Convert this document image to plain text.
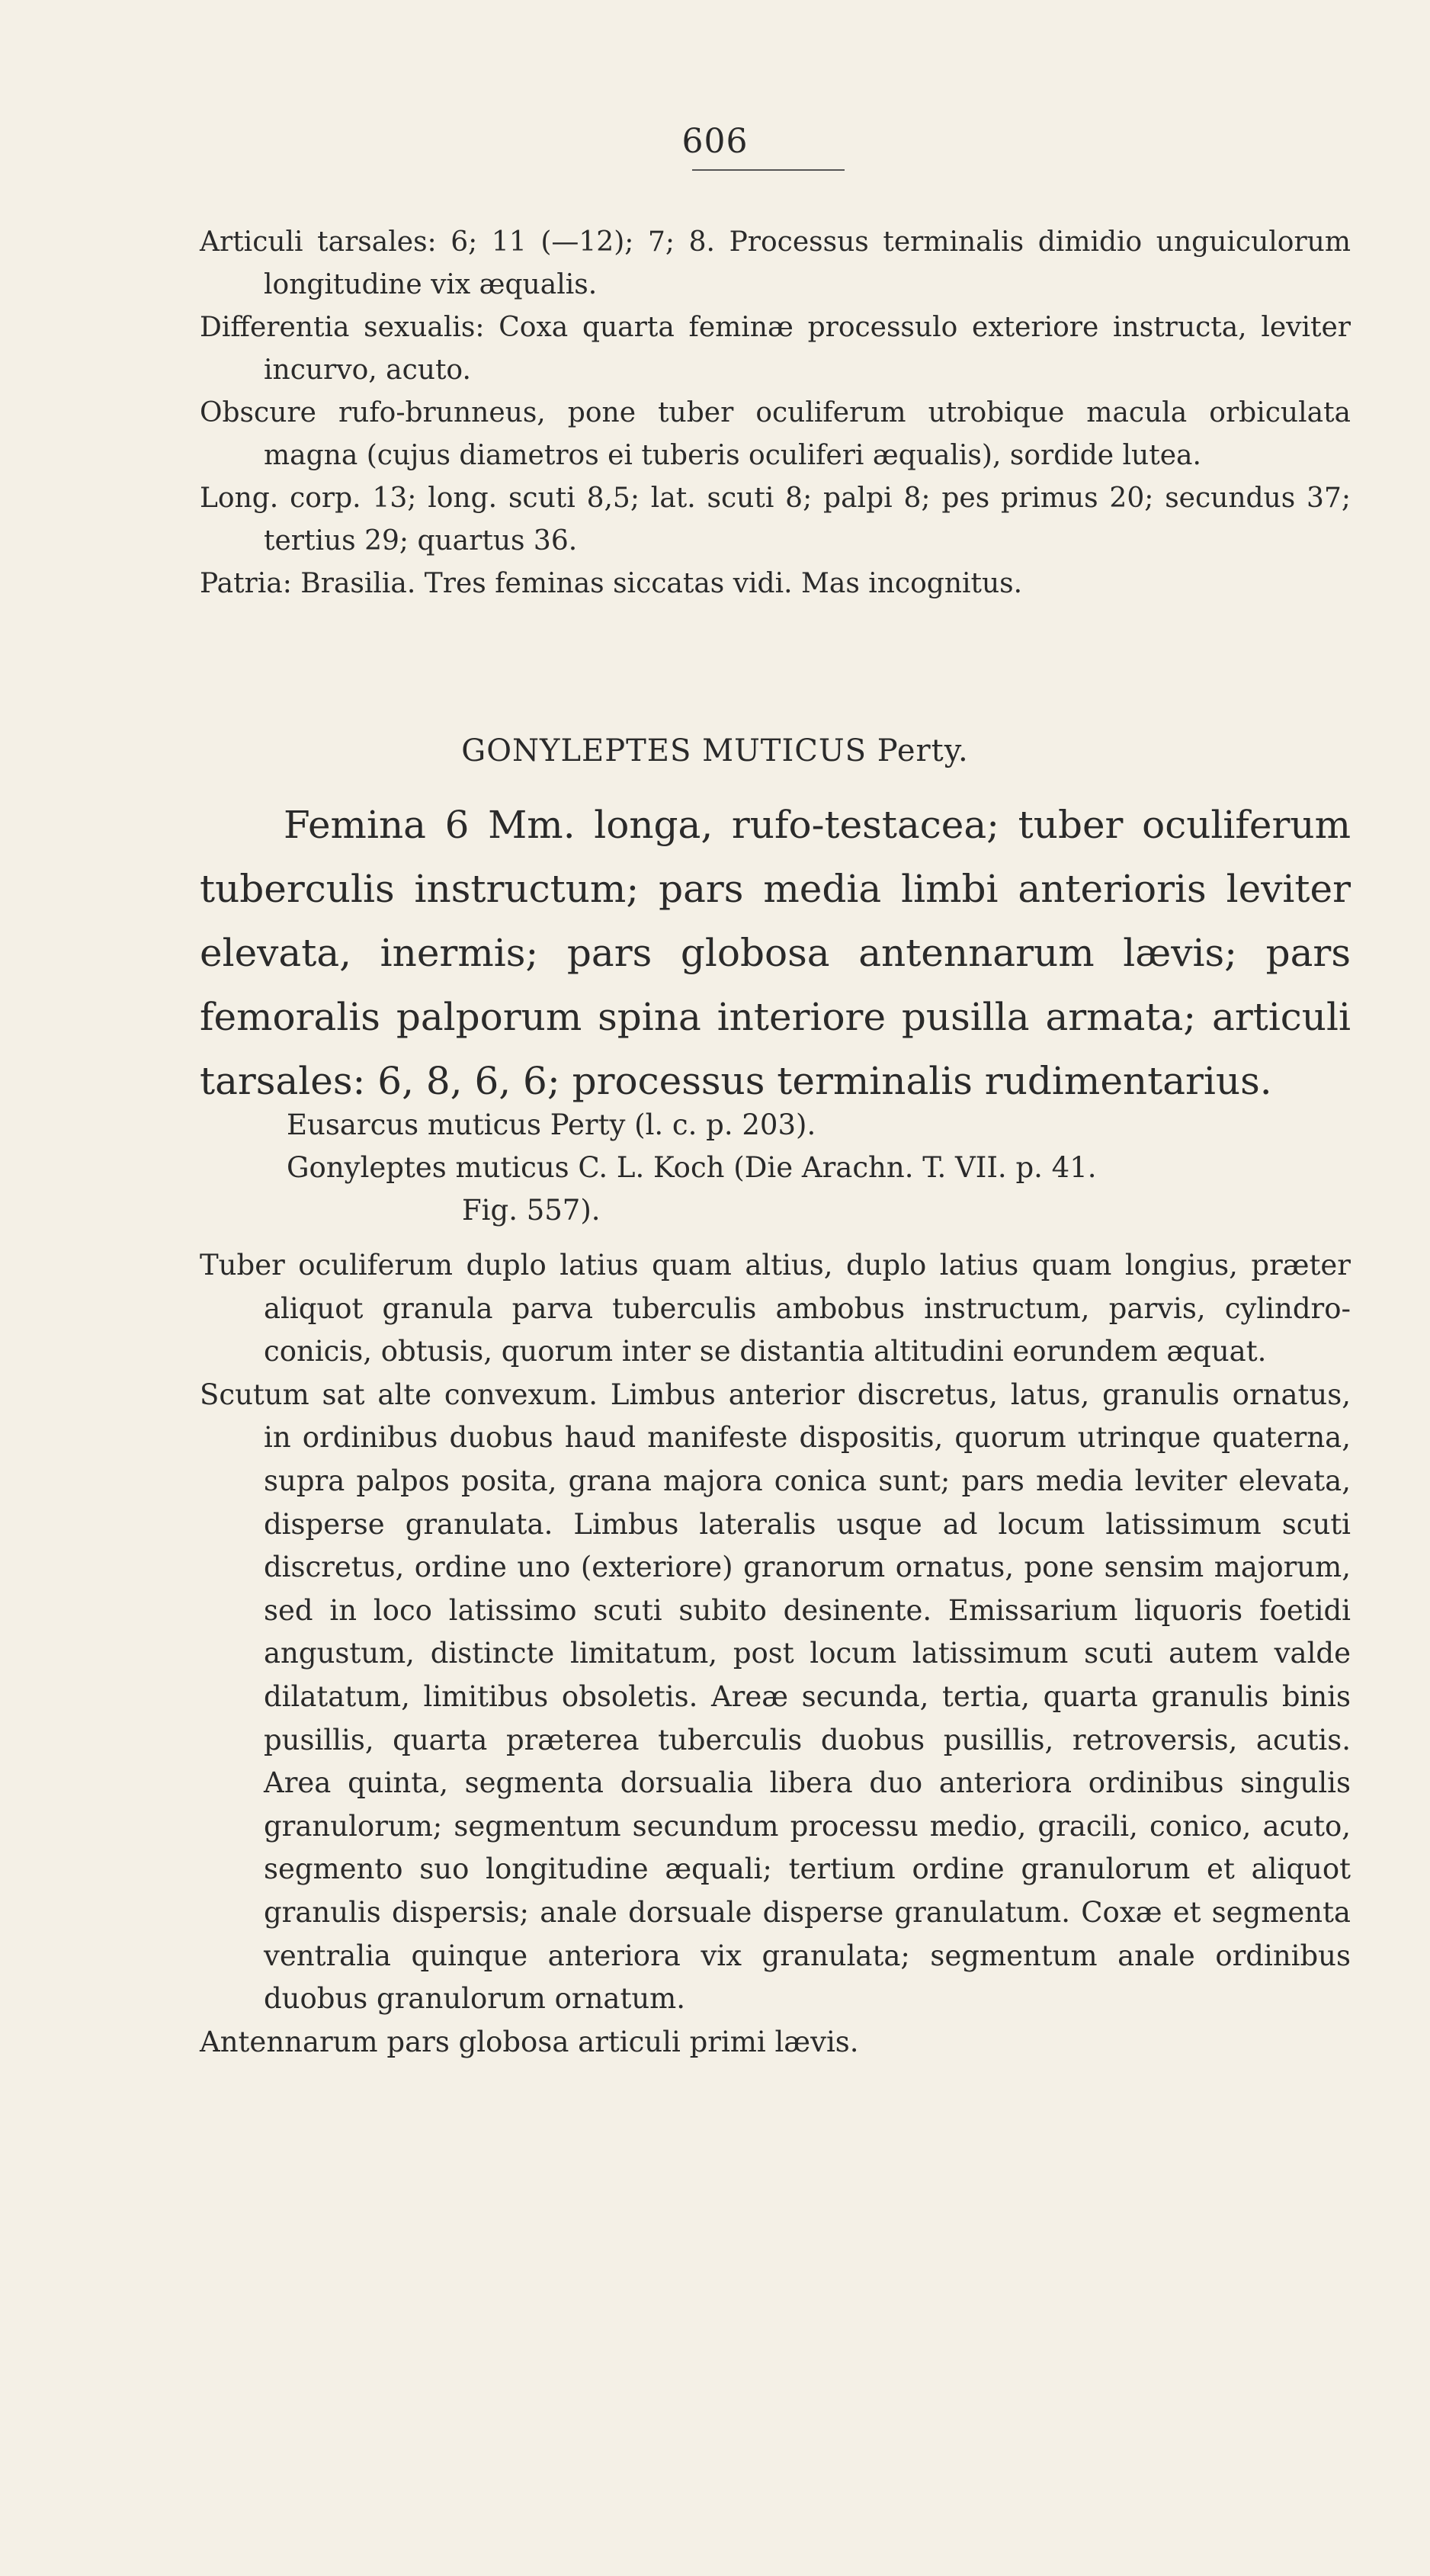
606
Articuli tarsales: 6; 11 (—12); 7; 8. Processus terminalis dimidio unguiculorum longitudine vix æqualis.
Differentia sexualis: Coxa quarta feminæ processulo exteriore instructa, leviter incurvo, acuto.
Obscure rufo-brunneus, pone tuber oculiferum utrobique macula orbiculata magna (cujus diametros ei tuberis oculiferi æqualis), sordide lutea.
Long. corp. 13; long. scuti 8,5; lat. scuti 8; palpi 8; pes primus 20; secundus 37; tertius 29; quartus 36.
Patria: Brasilia. Tres feminas siccatas vidi. Mas incognitus.
GONYLEPTES MUTICUS Perty.

Femina 6 Mm. longa, rufo-testacea; tuber oculiferum tuberculis instructum; pars media limbi anterioris leviter elevata, inermis; pars globosa antennarum lævis; pars femoralis palporum spina interiore pusilla armata; articuli tarsales: 6, 8, 6, 6; processus terminalis rudimentarius.

Eusarcus muticus Perty (l. c. p. 203).
Gonyleptes muticus C. L. Koch (Die Arachn. T. VII. p. 41.
Fig. 557).
Tuber oculiferum duplo latius quam altius, duplo latius quam longius, præter aliquot granula parva tuberculis ambobus instructum, parvis, cylindro-conicis, obtusis, quorum inter se distantia altitudini eorundem æquat.
Scutum sat alte convexum. Limbus anterior discretus, latus, granulis ornatus, in ordinibus duobus haud manifeste dispositis, quorum utrinque quaterna, supra palpos posita, grana majora conica sunt; pars media leviter elevata, disperse granulata. Limbus lateralis usque ad locum latissimum scuti discretus, ordine uno (exteriore) granorum ornatus, pone sensim majorum, sed in loco latissimo scuti subito desinente. Emissarium liquoris foetidi angustum, distincte limitatum, post locum latissimum scuti autem valde dilatatum, limitibus obsoletis. Areæ secunda, tertia, quarta granulis binis pusillis, quarta præterea tuberculis duobus pusillis, retroversis, acutis. Area quinta, segmenta dorsualia libera duo anteriora ordinibus singulis granulorum; segmentum secundum processu medio, gracili, conico, acuto, segmento suo longitudine æquali; tertium ordine granulorum et aliquot granulis dispersis; anale dorsuale disperse granulatum. Coxæ et segmenta ventralia quinque anteriora vix granulata; segmentum anale ordinibus duobus granulorum ornatum.
Antennarum pars globosa articuli primi lævis.
